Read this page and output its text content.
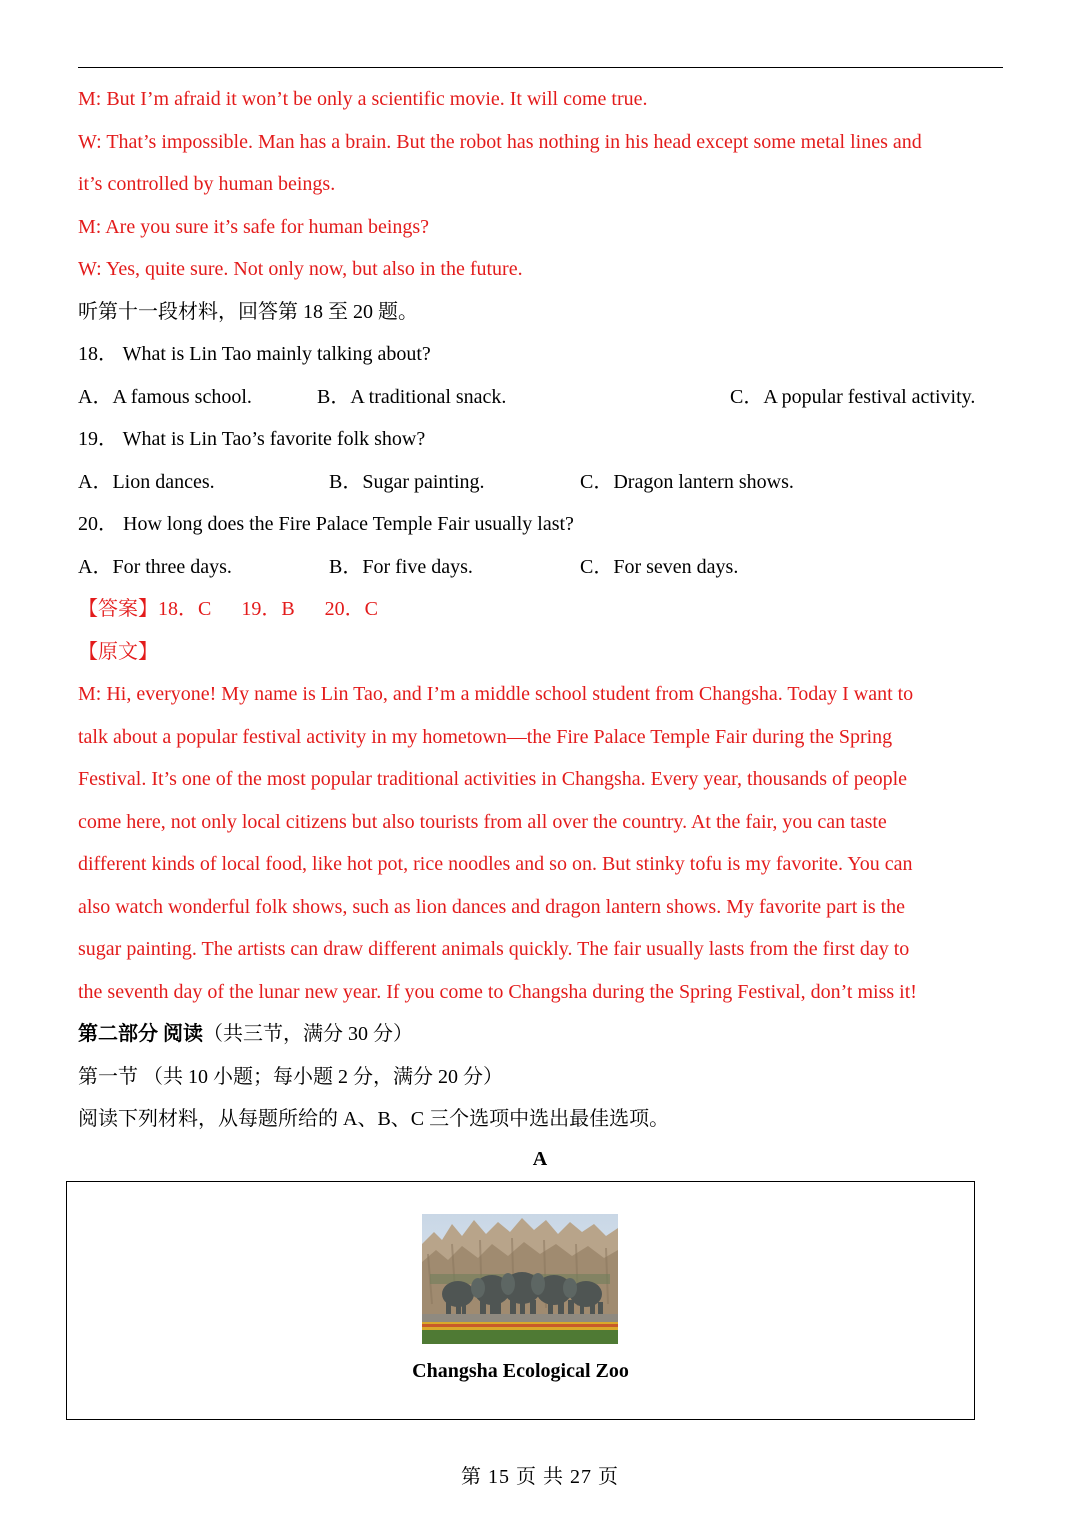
M: But I’m afraid it won’t be only a scientific movie. It will come true.
W: That’s impossible. Man has a brain. But the robot has nothing in his head except some metal lines and
it’s controlled by human beings.
M: Are you sure it’s safe for human beings?
W: Yes, quite sure. Not only now, but also in the future.
听第十一段材料，回答第 18 至 20 题。
18． What is Lin Tao mainly talking about?
A．A famous school.	B．A traditional snack.	C．A popular festival activity.
19． What is Lin Tao’s favorite folk show?
A．Lion dances.	B．Sugar painting.	C．Dragon lantern shows.
20． How long does the Fire Palace Temple Fair usually last?
A．For three days.	B．For five days.	C．For seven days.
【答案】18．C      19．B      20．C
【原文】
M: Hi, everyone! My name is Lin Tao, and I’m a middle school student from Changsha. Today I want to
talk about a popular festival activity in my hometown—the Fire Palace Temple Fair during the Spring
Festival. It’s one of the most popular traditional activities in Changsha. Every year, thousands of people
come here, not only local citizens but also tourists from all over the country. At the fair, you can taste
different kinds of local food, like hot pot, rice noodles and so on. But stinky tofu is my favorite. You can
also watch wonderful folk shows, such as lion dances and dragon lantern shows. My favorite part is the
sugar painting. The artists can draw different animals quickly. The fair usually lasts from the first day to
the seventh day of the lunar new year. If you come to Changsha during the Spring Festival, don’t miss it!
第二部分 阅读（共三节，满分 30 分）
第一节 （共 10 小题；每小题 2 分，满分 20 分）
阅读下列材料，从每题所给的 A、B、C 三个选项中选出最佳选项。
A
Changsha Ecological Zoo
第 15 页 共 27 页
